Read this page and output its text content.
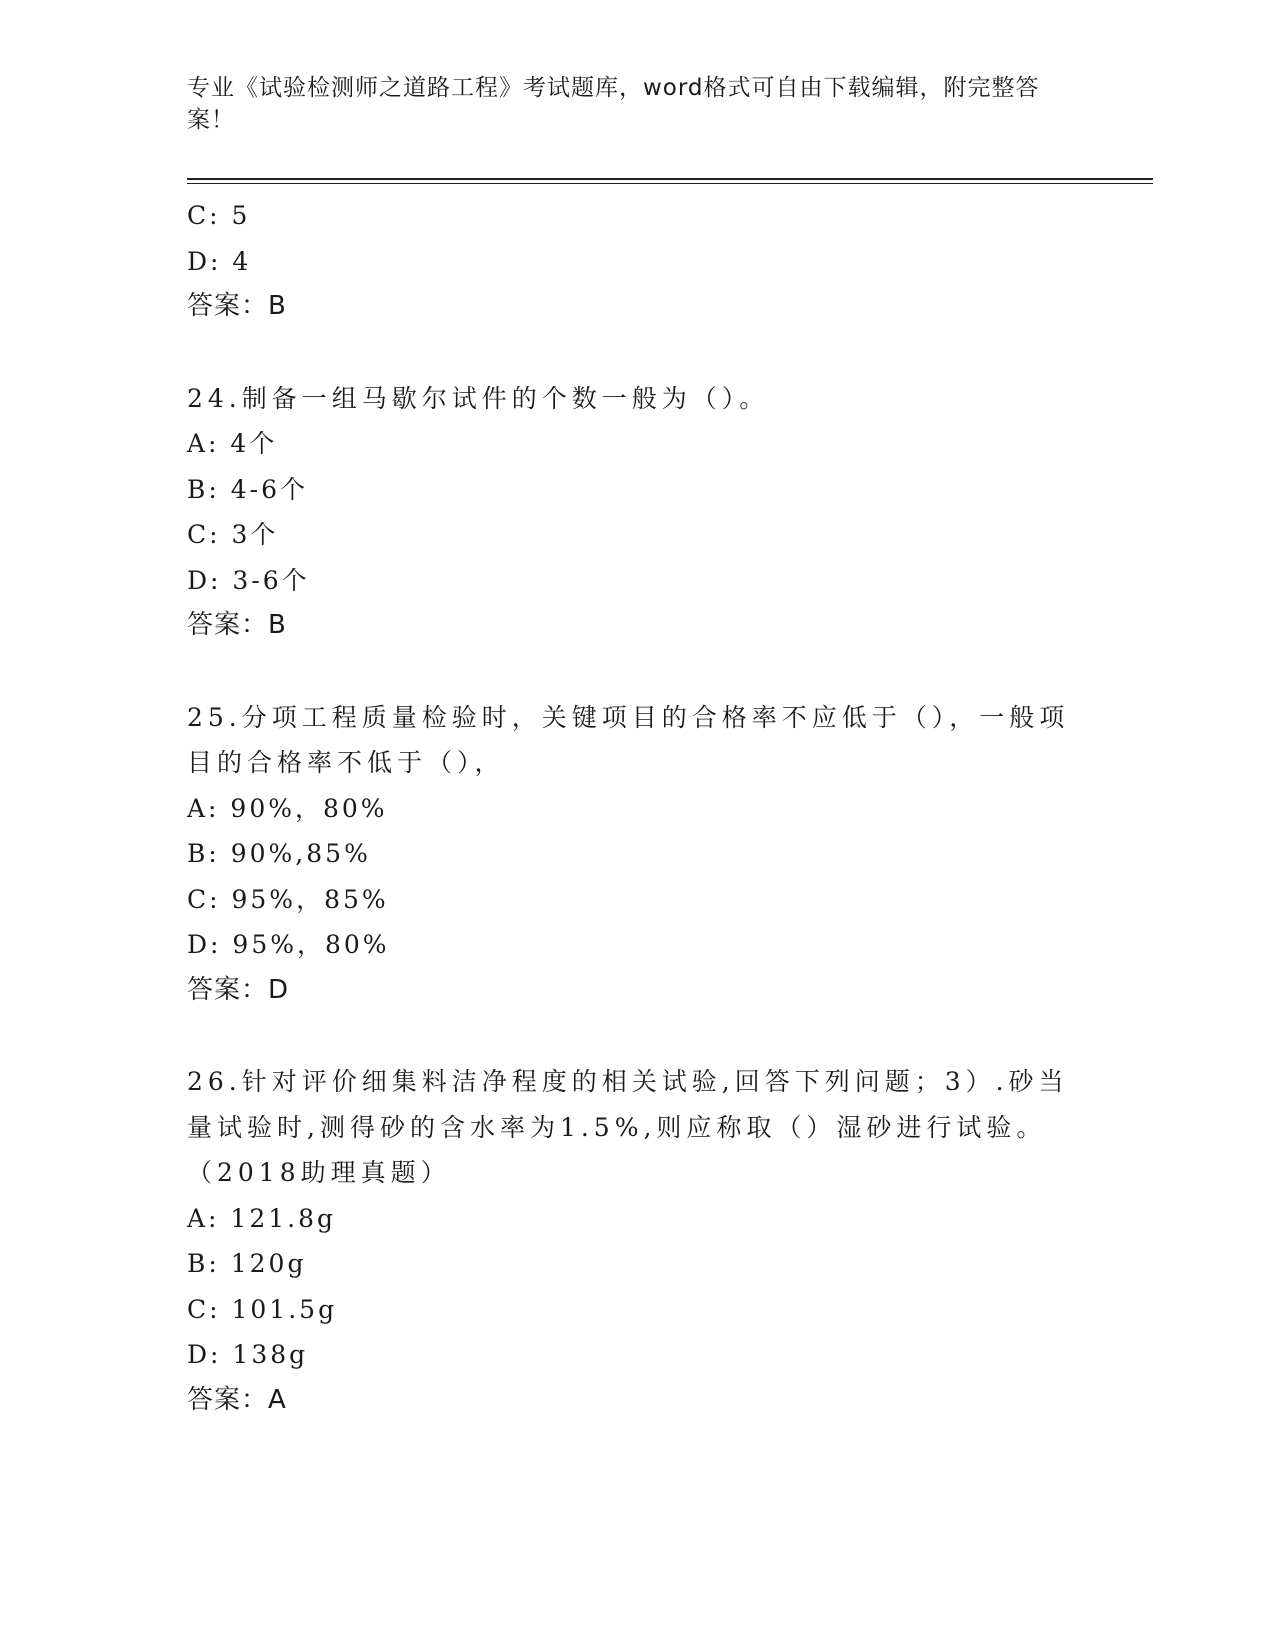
专业《试验检测师之道路工程》考试题库，word格式可自由下载编辑，附完整答案！
C: 5
D: 4
答案：B
24.制备一组马歇尔试件的个数一般为（）。
A: 4个
B: 4-6个
C: 3个
D: 3-6个
答案：B
25.分项工程质量检验时，关键项目的合格率不应低于（），一般项目的合格率不低于（），
A: 90%，80%
B: 90%,85%
C: 95%，85%
D: 95%，80%
答案：D
26.针对评价细集料洁净程度的相关试验,回答下列问题；3）.砂当量试验时,测得砂的含水率为1.5%,则应称取（）湿砂进行试验。（2018助理真题）
A: 121.8g
B: 120g
C: 101.5g
D: 138g
答案：A
